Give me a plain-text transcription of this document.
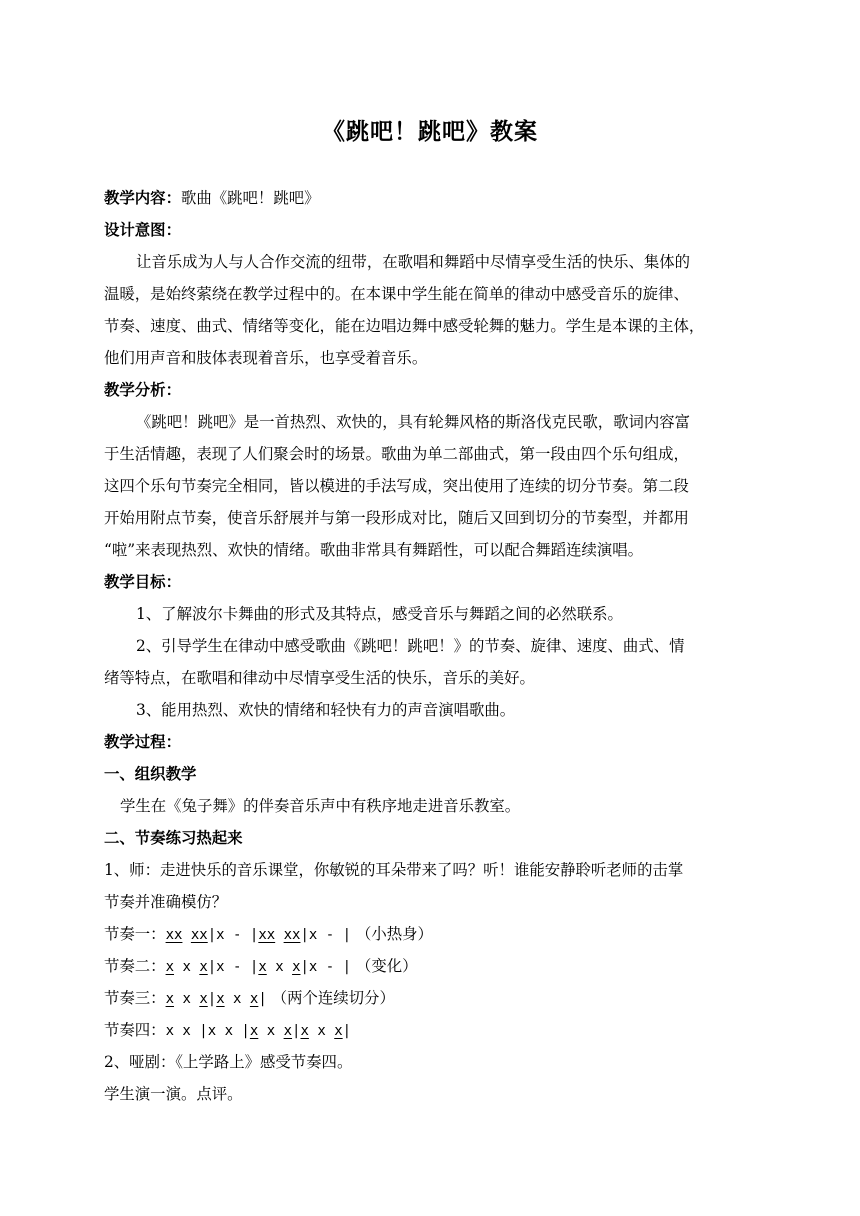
《跳吧！跳吧》教案
教学内容：歌曲《跳吧！跳吧》
设计意图：
让音乐成为人与人合作交流的纽带，在歌唱和舞蹈中尽情享受生活的快乐、集体的
温暖，是始终萦绕在教学过程中的。在本课中学生能在简单的律动中感受音乐的旋律、
节奏、速度、曲式、情绪等变化，能在边唱边舞中感受轮舞的魅力。学生是本课的主体，
他们用声音和肢体表现着音乐，也享受着音乐。
教学分析：
《跳吧！跳吧》是一首热烈、欢快的，具有轮舞风格的斯洛伐克民歌，歌词内容富
于生活情趣，表现了人们聚会时的场景。歌曲为单二部曲式，第一段由四个乐句组成，
这四个乐句节奏完全相同，皆以模进的手法写成，突出使用了连续的切分节奏。第二段
开始用附点节奏，使音乐舒展并与第一段形成对比，随后又回到切分的节奏型，并都用
“啦”来表现热烈、欢快的情绪。歌曲非常具有舞蹈性，可以配合舞蹈连续演唱。
教学目标：
1、了解波尔卡舞曲的形式及其特点，感受音乐与舞蹈之间的必然联系。
2、引导学生在律动中感受歌曲《跳吧！跳吧！》的节奏、旋律、速度、曲式、情
绪等特点，在歌唱和律动中尽情享受生活的快乐，音乐的美好。
3、能用热烈、欢快的情绪和轻快有力的声音演唱歌曲。
教学过程：
一、组织教学
学生在《兔子舞》的伴奏音乐声中有秩序地走进音乐教室。
二、节奏练习热起来
1、师：走进快乐的音乐课堂，你敏锐的耳朵带来了吗？听！谁能安静聆听老师的击掌
节奏并准确模仿？
节奏一：xx xx|x - |xx xx|x - | （小热身）
节奏二：x x x|x - |x x x|x - | （变化）
节奏三：x x x|x x x| （两个连续切分）
节奏四：x x |x x |x x x|x x x|
2、哑剧：《上学路上》感受节奏四。
学生演一演。点评。
